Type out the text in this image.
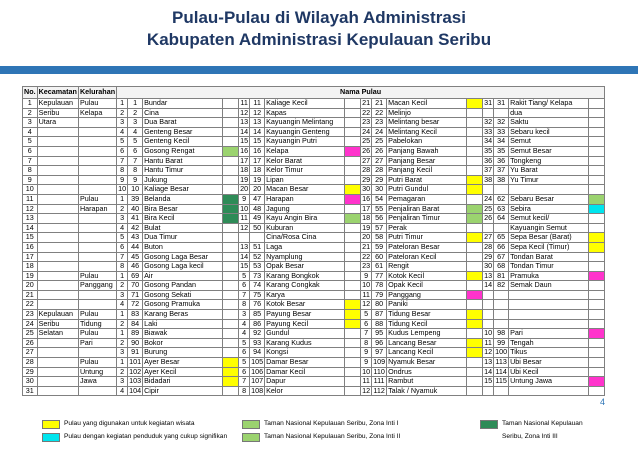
Pulau-Pulau di Wilayah Administrasi
Kabupaten Administrasi Kepulauan Seribu
No.	Kecamatan	Kelurahan	Nama Pulau															
1	Kepulauan	Pulau	1	1	Bundar		11	11	Kaliage Kecil		21	21	Macan Kecil		31	31	Rakit Tiang/ Kelapa	
2	Seribu	Kelapa	2	2	Cina		12	12	Kapas		22	22	Melinjo				dua	
3	Utara		3	3	Dua Barat		13	13	Kayuangin Melintang		23	23	Melintang besar		32	32	Saktu	
4			4	4	Genteng Besar		14	14	Kayuangin Genteng		24	24	Melintang Kecil		33	33	Sebaru kecil	
5			5	5	Genteng Kecil		15	15	Kayuangin Putri		25	25	Pabelokan		34	34	Semut	
6			6	6	Gosong Rengat		16	16	Kelapa		26	26	Panjang Bawah		35	35	Semut Besar	
7			7	7	Hantu Barat		17	17	Kelor Barat		27	27	Panjang Besar		36	36	Tongkeng	
8			8	8	Hantu Timur		18	18	Kelor Timur		28	28	Panjang Kecil		37	37	Yu Barat	
9			9	9	Jukung		19	19	Lipan		29	29	Putri Barat		38	38	Yu Timur	
10			10	10	Kaliage Besar		20	20	Macan Besar		30	30	Putri Gundul					
11		Pulau	1	39	Belanda		9	47	Harapan		16	54	Pemagaran		24	62	Sebaru Besar	
12		Harapan	2	40	Bira Besar		10	48	Jagung		17	55	Penjaliran Barat		25	63	Sebira	
13			3	41	Bira Kecil		11	49	Kayu Angin Bira		18	56	Penjaliran Timur		26	64	Semut kecil/	
14			4	42	Bulat		12	50	Kuburan		19	57	Perak				Kayuangin Semut	
15			5	43	Dua Timur				Cina/Rosa Cina		20	58	Putri Timur		27	65	Sepa Besar (Barat)	
16			6	44	Buton		13	51	Laga		21	59	Pateloran Besar		28	66	Sepa Kecil (Timur)	
17			7	45	Gosong Laga Besar		14	52	Nyamplung		22	60	Pateloran Kecil		29	67	Tondan Barat	
18			8	46	Gosong Laga kecil		15	53	Opak Besar		23	61	Rengit		30	68	Tondan Timur	
19		Pulau	1	69	Air		5	73	Karang Bongkok		9	77	Kotok Kecil		13	81	Pramuka	
20		Panggang	2	70	Gosong Pandan		6	74	Karang Congkak		10	78	Opak Kecil		14	82	Semak Daun	
21			3	71	Gosong Sekati		7	75	Karya		11	79	Panggang					
22			4	72	Gosong Pramuka		8	76	Kotok Besar		12	80	Paniki					
23	Kepulauan	Pulau	1	83	Karang Beras		3	85	Payung Besar		5	87	Tidung Besar					
24	Seribu	Tidung	2	84	Laki		4	86	Payung Kecil		6	88	Tidung Kecil					
25	Selatan	Pulau	1	89	Biawak		4	92	Gundul		7	95	Kudus Lempeng		10	98	Pari	
26		Pari	2	90	Bokor		5	93	Karang Kudus		8	96	Lancang Besar		11	99	Tengah	
27			3	91	Burung		6	94	Kongsi		9	97	Lancang Kecil		12	100	Tikus	
28		Pulau	1	101	Ayer Besar		5	105	Damar Besar		9	109	Nyamuk Besar		13	113	Ubi Besar	
29		Untung	2	102	Ayer Kecil		6	106	Damar Kecil		10	110	Ondrus		14	114	Ubi Kecil	
30		Jawa	3	103	Bidadari		7	107	Dapur		11	111	Rambut		15	115	Untung Jawa	
31			4	104	Cipir		8	108	Kelor		12	112	Talak / Nyamuk					
Pulau yang digunakan untuk kegiatan wisata
Pulau dengan kegiatan penduduk yang cukup signifikan
Taman Nasional Kepulauan Seribu, Zona Inti I
Taman Nasional Kepulauan Seribu, Zona Inti II
Taman Nasional Kepulauan
Seribu, Zona Inti III
4
